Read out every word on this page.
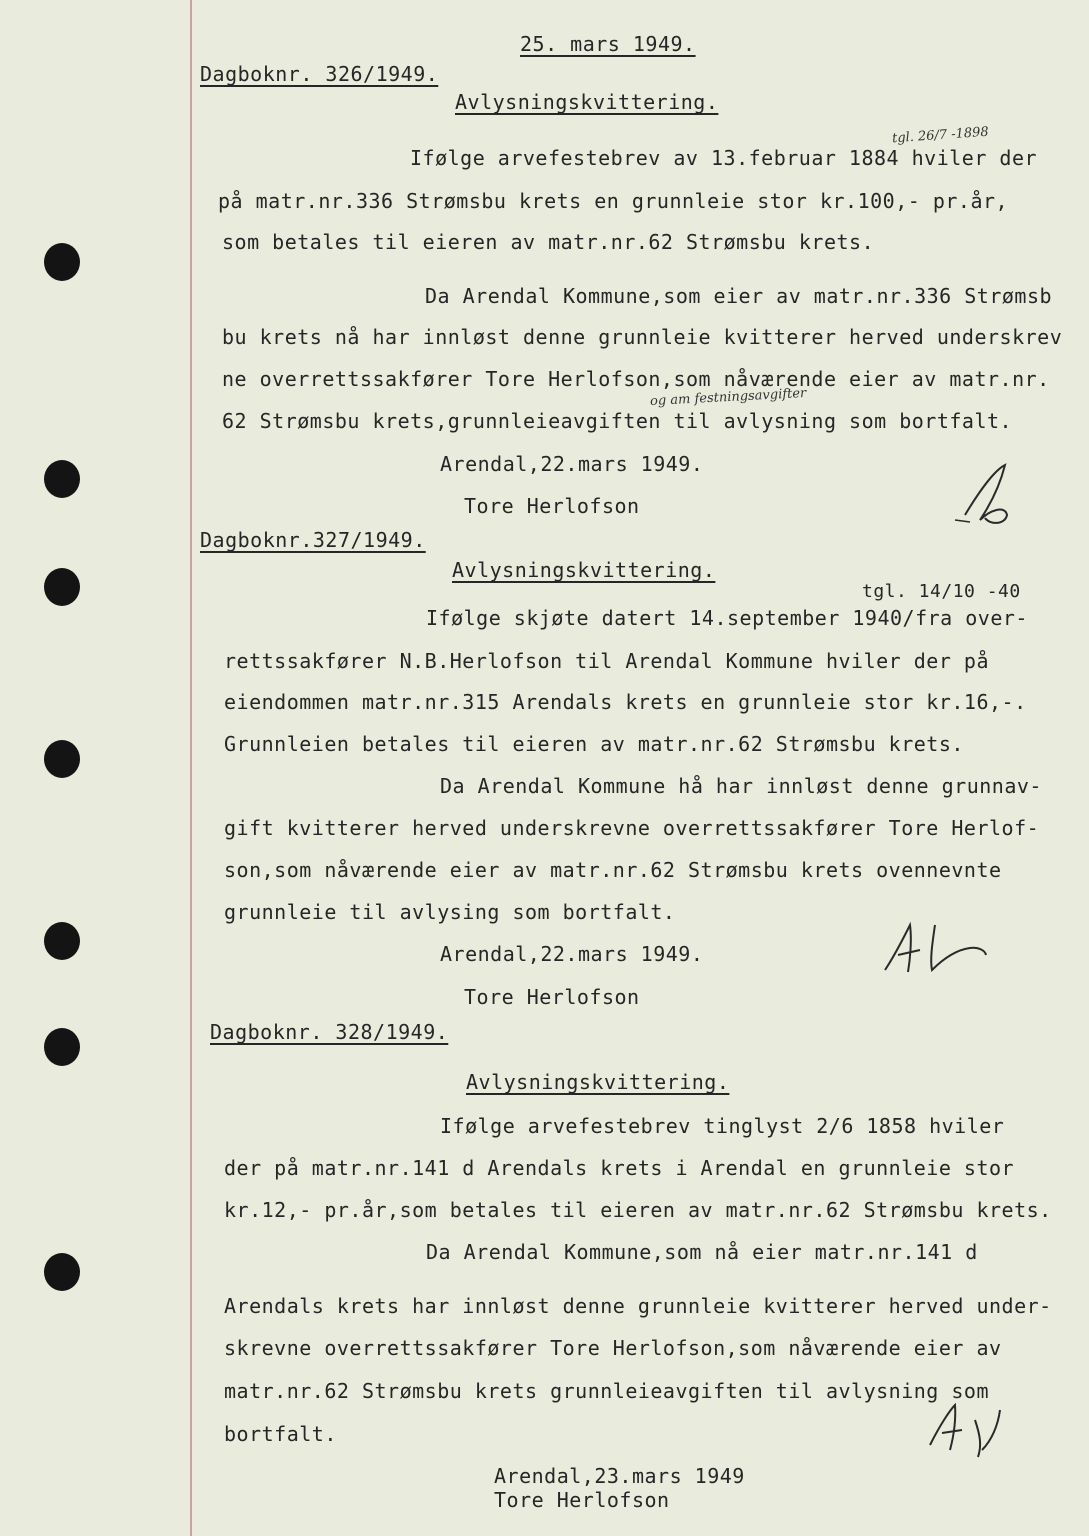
25. mars 1949.
Dagboknr. 326/1949.
Avlysningskvittering.
tgl. 26/7 -1898
Ifølge arvefestebrev av 13.februar 1884 hviler der
på matr.nr.336 Strømsbu krets en grunnleie stor kr.100,- pr.år,
som betales til eieren av matr.nr.62 Strømsbu krets.
Da Arendal Kommune,som eier av matr.nr.336 Strømsb
bu krets nå har innløst denne grunnleie kvitterer herved underskrev
ne overrettssakfører Tore Herlofson,som nåværende eier av matr.nr.
og am festningsavgifter
62 Strømsbu krets,grunnleieavgiften til avlysning som bortfalt.
Arendal,22.mars 1949.
Tore Herlofson
Dagboknr.327/1949.
Avlysningskvittering.
tgl. 14/10 -40
Ifølge skjøte datert 14.september 1940/fra over-
rettssakfører N.B.Herlofson til Arendal Kommune hviler der på
eiendommen matr.nr.315 Arendals krets en grunnleie stor kr.16,-.
Grunnleien betales til eieren av matr.nr.62 Strømsbu krets.
Da Arendal Kommune hå har innløst denne grunnav-
gift kvitterer herved underskrevne overrettssakfører Tore Herlof-
son,som nåværende eier av matr.nr.62 Strømsbu krets ovennevnte
grunnleie til avlysing som bortfalt.
Arendal,22.mars 1949.
Tore Herlofson
Dagboknr. 328/1949.
Avlysningskvittering.
Ifølge arvefestebrev tinglyst 2/6 1858 hviler
der på matr.nr.141 d Arendals krets i Arendal en grunnleie stor
kr.12,- pr.år,som betales til eieren av matr.nr.62 Strømsbu krets.
Da Arendal Kommune,som nå eier matr.nr.141 d
Arendals krets har innløst denne grunnleie kvitterer herved under-
skrevne overrettssakfører Tore Herlofson,som nåværende eier av
matr.nr.62 Strømsbu krets grunnleieavgiften til avlysning som
bortfalt.
Arendal,23.mars 1949
Tore Herlofson
